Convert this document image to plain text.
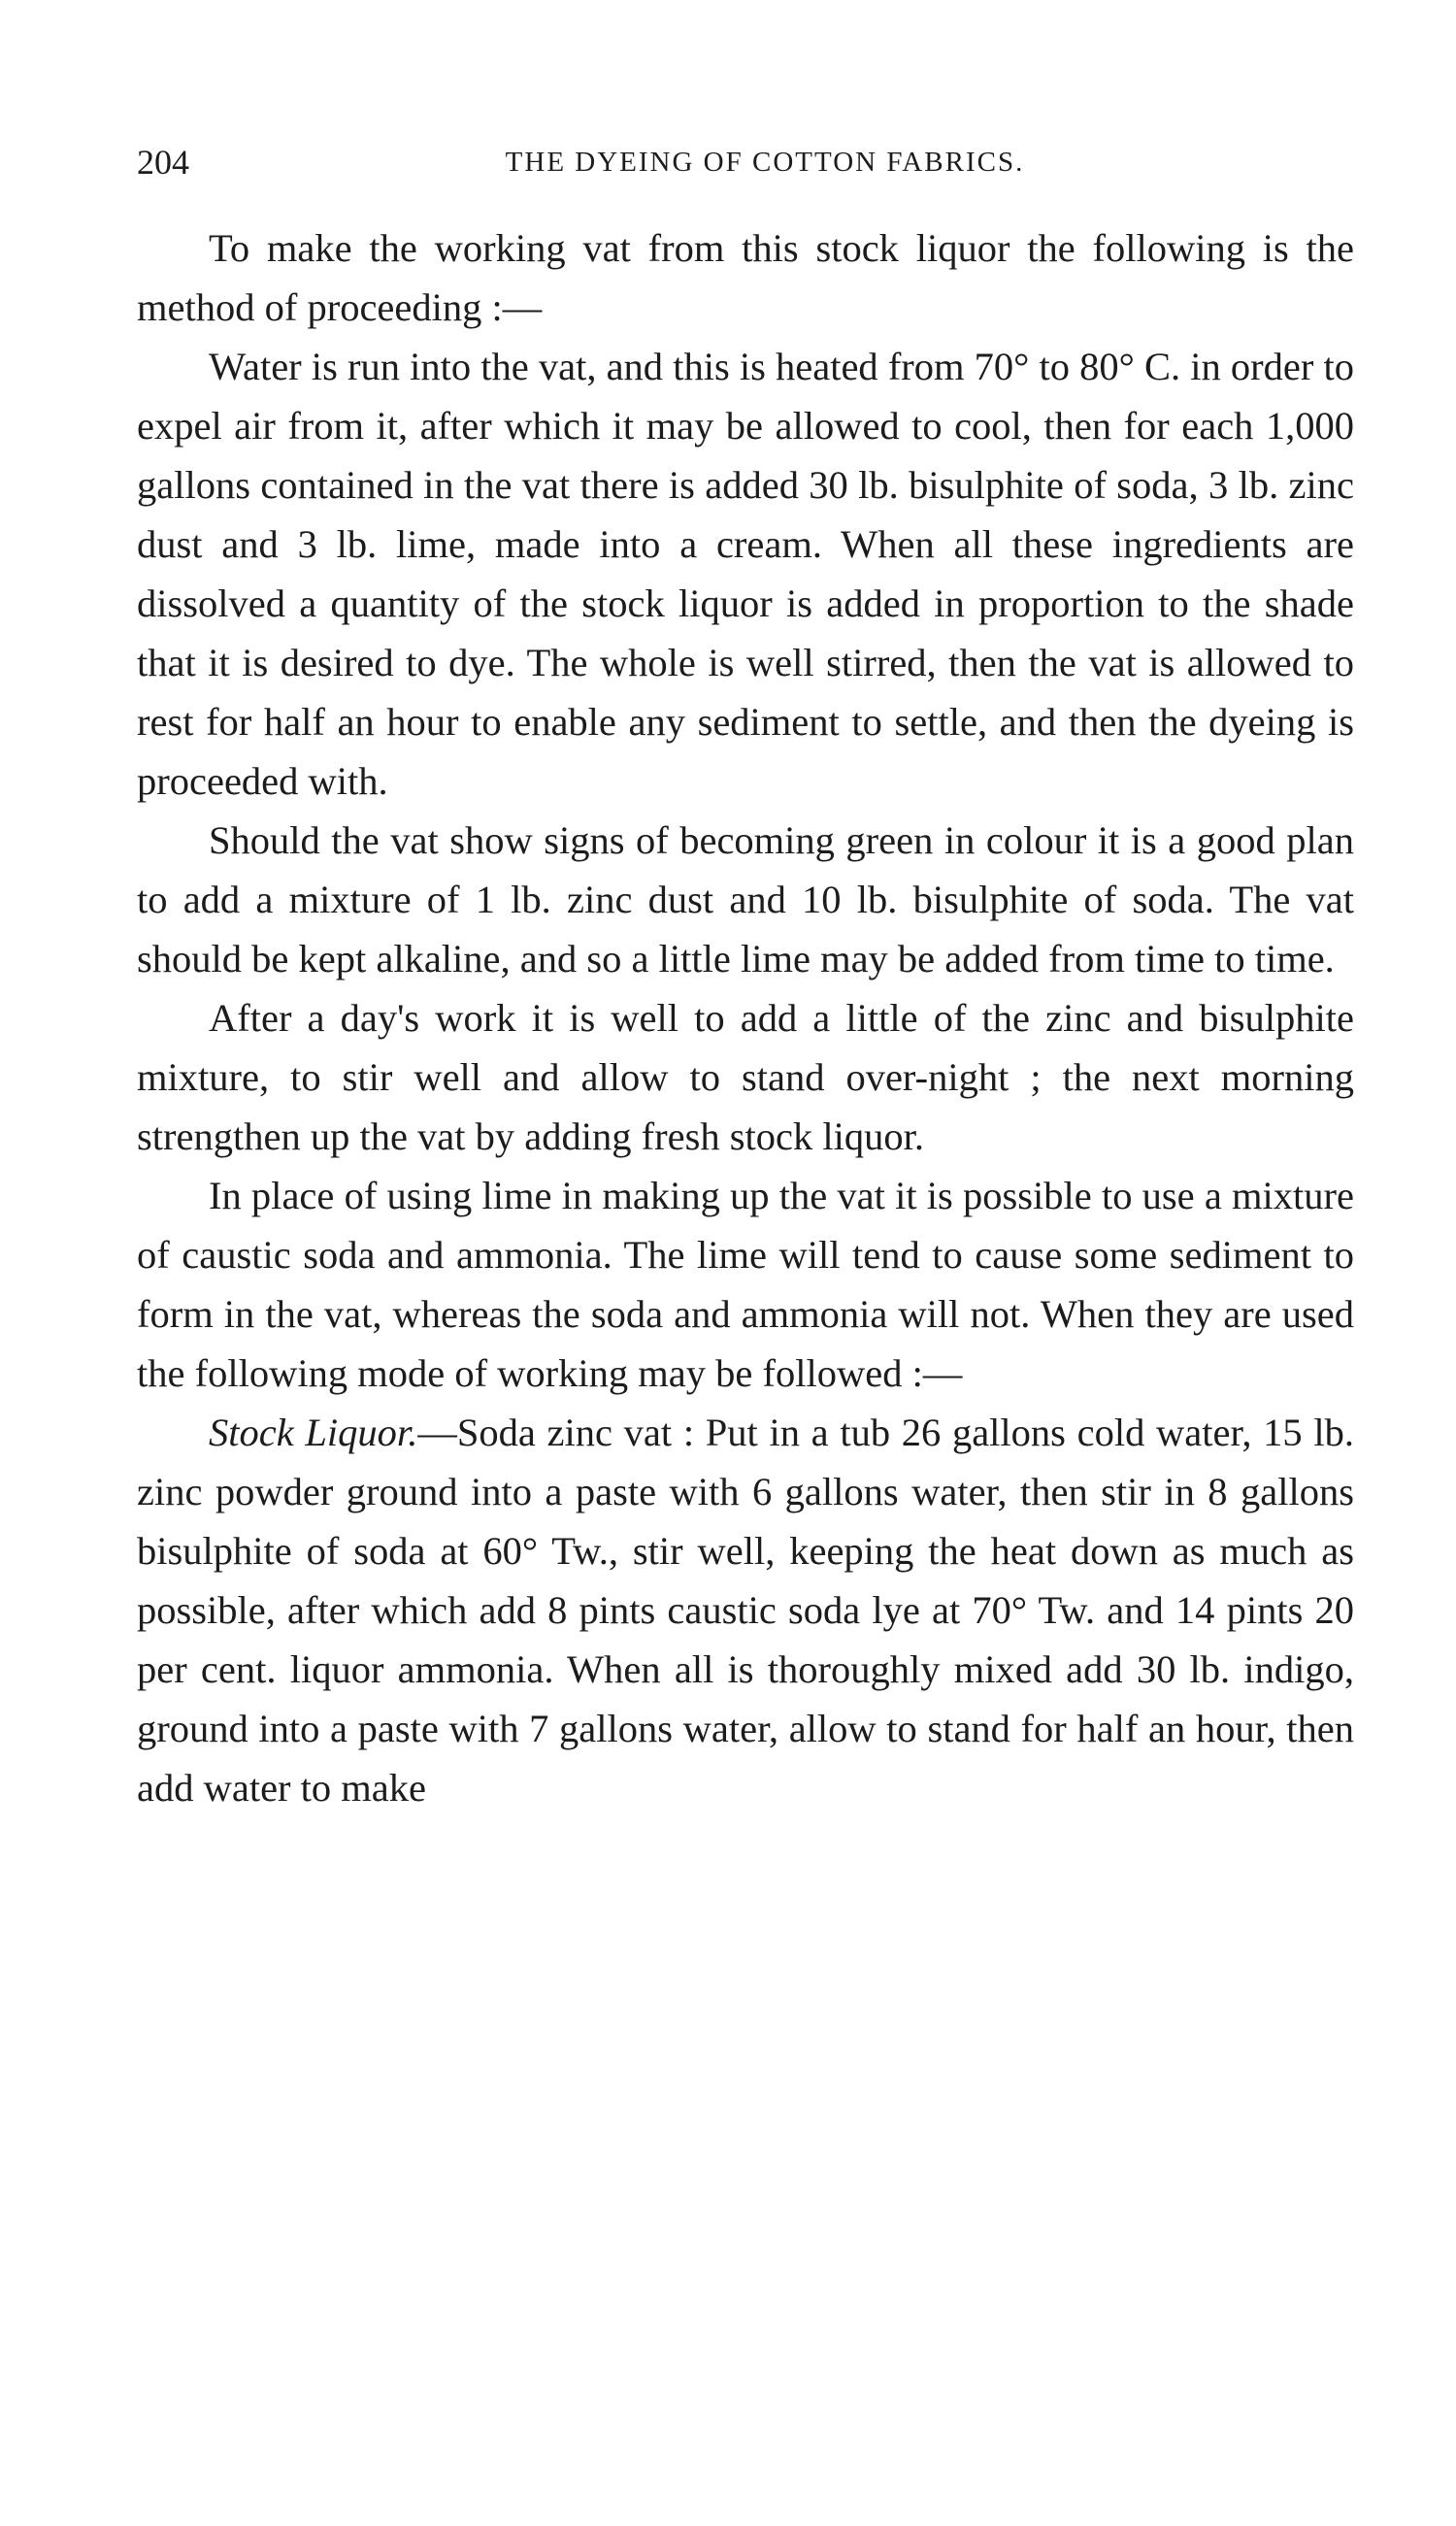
204	THE DYEING OF COTTON FABRICS.

To make the working vat from this stock liquor the following is the method of proceeding :—

Water is run into the vat, and this is heated from 70° to 80° C. in order to expel air from it, after which it may be allowed to cool, then for each 1,000 gallons contained in the vat there is added 30 lb. bisulphite of soda, 3 lb. zinc dust and 3 lb. lime, made into a cream. When all these ingredients are dissolved a quantity of the stock liquor is added in proportion to the shade that it is desired to dye. The whole is well stirred, then the vat is allowed to rest for half an hour to enable any sediment to settle, and then the dyeing is proceeded with.

Should the vat show signs of becoming green in colour it is a good plan to add a mixture of 1 lb. zinc dust and 10 lb. bisulphite of soda. The vat should be kept alkaline, and so a little lime may be added from time to time.

After a day's work it is well to add a little of the zinc and bisulphite mixture, to stir well and allow to stand over-night ; the next morning strengthen up the vat by adding fresh stock liquor.

In place of using lime in making up the vat it is possible to use a mixture of caustic soda and ammonia. The lime will tend to cause some sediment to form in the vat, whereas the soda and ammonia will not. When they are used the following mode of working may be followed :—

Stock Liquor.—Soda zinc vat : Put in a tub 26 gallons cold water, 15 lb. zinc powder ground into a paste with 6 gallons water, then stir in 8 gallons bisulphite of soda at 60° Tw., stir well, keeping the heat down as much as possible, after which add 8 pints caustic soda lye at 70° Tw. and 14 pints 20 per cent. liquor ammonia. When all is thoroughly mixed add 30 lb. indigo, ground into a paste with 7 gallons water, allow to stand for half an hour, then add water to make
